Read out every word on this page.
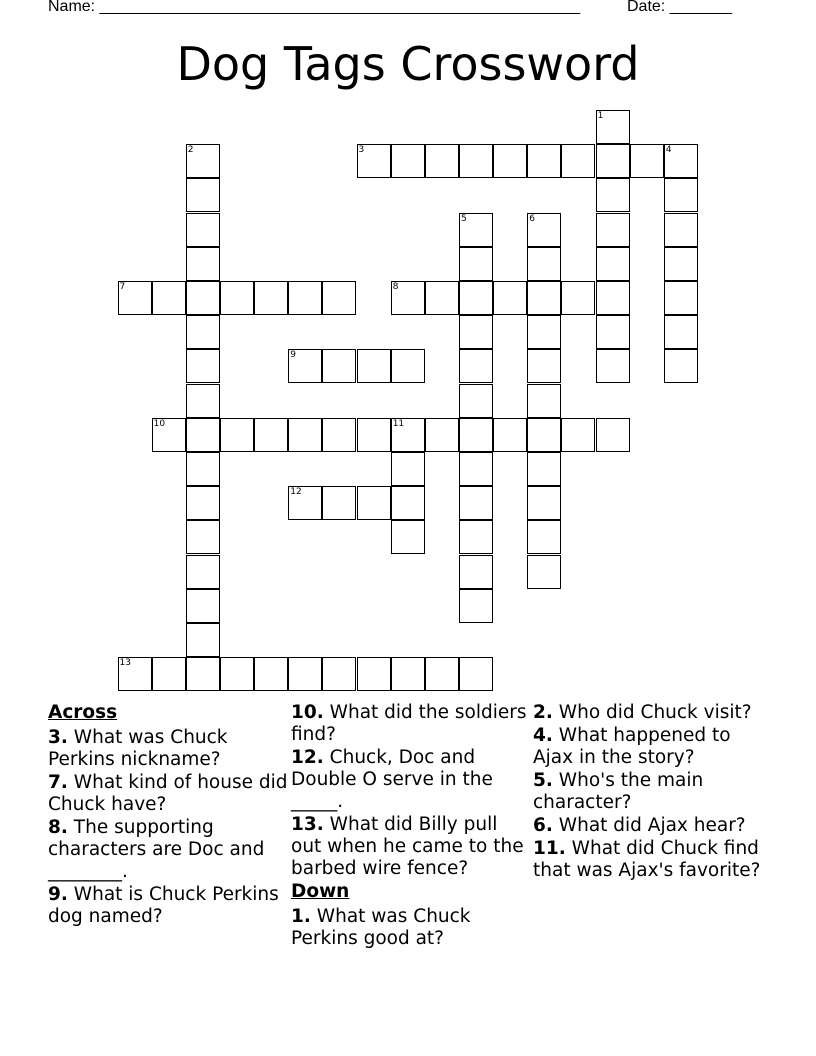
Name: ______________________________________________________	Date: _______
Dog Tags Crossword
1
2	3	4
5	6
7	8
9
10	11
12
13
Across
3. What was Chuck Perkins nickname?
7. What kind of house did Chuck have?
8. The supporting characters are Doc and ________.
9. What is Chuck Perkins dog named?
10. What did the soldiers find?
12. Chuck, Doc and Double O serve in the _____.
13. What did Billy pull out when he came to the barbed wire fence?
Down
1. What was Chuck Perkins good at?
2. Who did Chuck visit?
4. What happened to Ajax in the story?
5. Who's the main character?
6. What did Ajax hear?
11. What did Chuck find that was Ajax's favorite?
